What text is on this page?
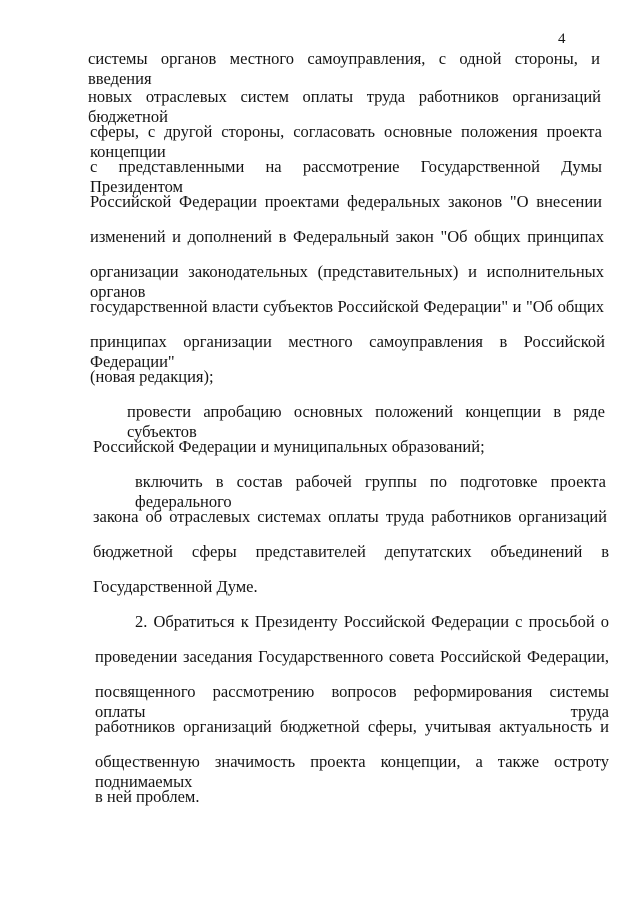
4
системы органов местного самоуправления, с одной стороны, и введения
новых отраслевых систем оплаты труда работников организаций бюджетной
сферы, с другой стороны, согласовать основные положения проекта концепции
с представленными на рассмотрение Государственной Думы Президентом
Российской Федерации проектами федеральных законов "О внесении
изменений и дополнений в Федеральный закон "Об общих принципах
организации законодательных (представительных) и исполнительных органов
государственной власти субъектов Российской Федерации" и "Об общих
принципах организации местного самоуправления в Российской Федерации"
(новая редакция);
провести апробацию основных положений концепции в ряде субъектов
Российской Федерации и муниципальных образований;
включить в состав рабочей группы по подготовке проекта федерального
закона об отраслевых системах оплаты труда работников организаций
бюджетной сферы представителей депутатских объединений в
Государственной Думе.
2. Обратиться к Президенту Российской Федерации с просьбой о
проведении заседания Государственного совета Российской Федерации,
посвященного рассмотрению вопросов реформирования системы оплаты труда
работников организаций бюджетной сферы, учитывая актуальность и
общественную значимость проекта концепции, а также остроту поднимаемых
в ней проблем.
